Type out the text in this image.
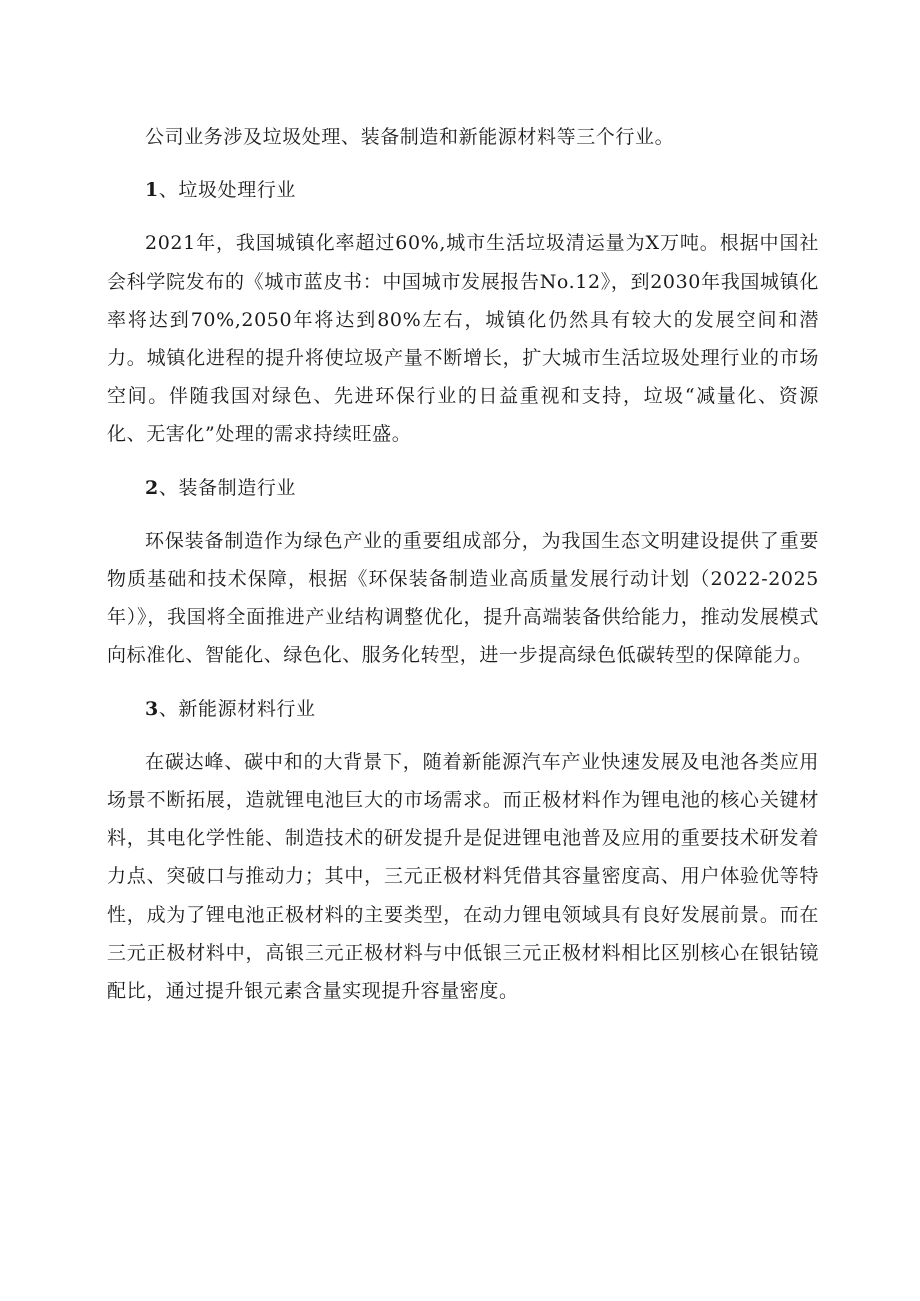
公司业务涉及垃圾处理、装备制造和新能源材料等三个行业。

1、垃圾处理行业

2021年，我国城镇化率超过60%,城市生活垃圾清运量为X万吨。根据中国社会科学院发布的《城市蓝皮书：中国城市发展报告No.12》，到2030年我国城镇化率将达到70%,2050年将达到80%左右，城镇化仍然具有较大的发展空间和潜力。城镇化进程的提升将使垃圾产量不断增长，扩大城市生活垃圾处理行业的市场空间。伴随我国对绿色、先进环保行业的日益重视和支持，垃圾“减量化、资源化、无害化”处理的需求持续旺盛。

2、装备制造行业

环保装备制造作为绿色产业的重要组成部分，为我国生态文明建设提供了重要物质基础和技术保障，根据《环保装备制造业高质量发展行动计划（2022-2025年）》，我国将全面推进产业结构调整优化，提升高端装备供给能力，推动发展模式向标准化、智能化、绿色化、服务化转型，进一步提高绿色低碳转型的保障能力。

3、新能源材料行业

在碳达峰、碳中和的大背景下，随着新能源汽车产业快速发展及电池各类应用场景不断拓展，造就锂电池巨大的市场需求。而正极材料作为锂电池的核心关键材料，其电化学性能、制造技术的研发提升是促进锂电池普及应用的重要技术研发着力点、突破口与推动力；其中，三元正极材料凭借其容量密度高、用户体验优等特性，成为了锂电池正极材料的主要类型，在动力锂电领域具有良好发展前景。而在三元正极材料中，高银三元正极材料与中低银三元正极材料相比区别核心在银钴镜配比，通过提升银元素含量实现提升容量密度。
